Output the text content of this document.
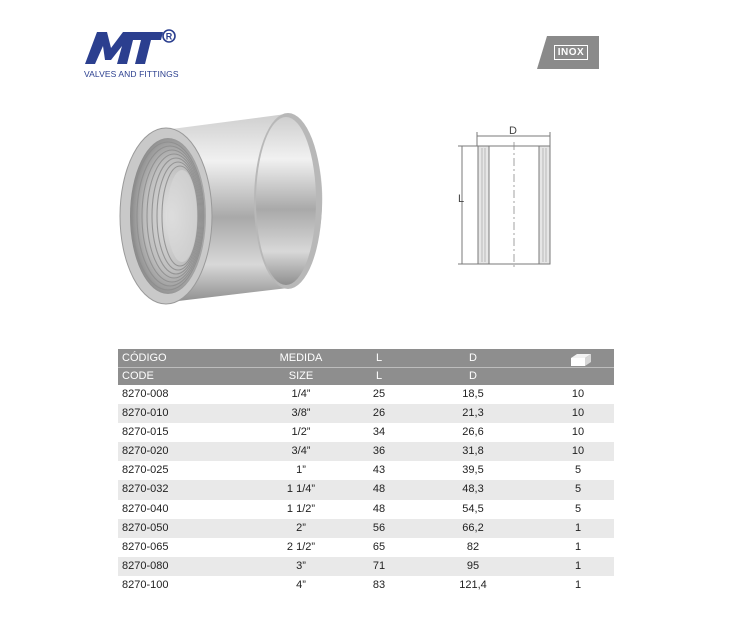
R
VALVES AND FITTINGS
INOX
D
L
CÓDIGO	MEDIDA	L	D
CODE	SIZE	L	D
8270-008	1/4”	25	18,5	10
8270-010	3/8”	26	21,3	10
8270-015	1/2”	34	26,6	10
8270-020	3/4”	36	31,8	10
8270-025	1”	43	39,5	5
8270-032	1 1/4”	48	48,3	5
8270-040	1 1/2”	48	54,5	5
8270-050	2”	56	66,2	1
8270-065	2 1/2”	65	82	1
8270-080	3”	71	95	1
8270-100	4”	83	121,4	1
